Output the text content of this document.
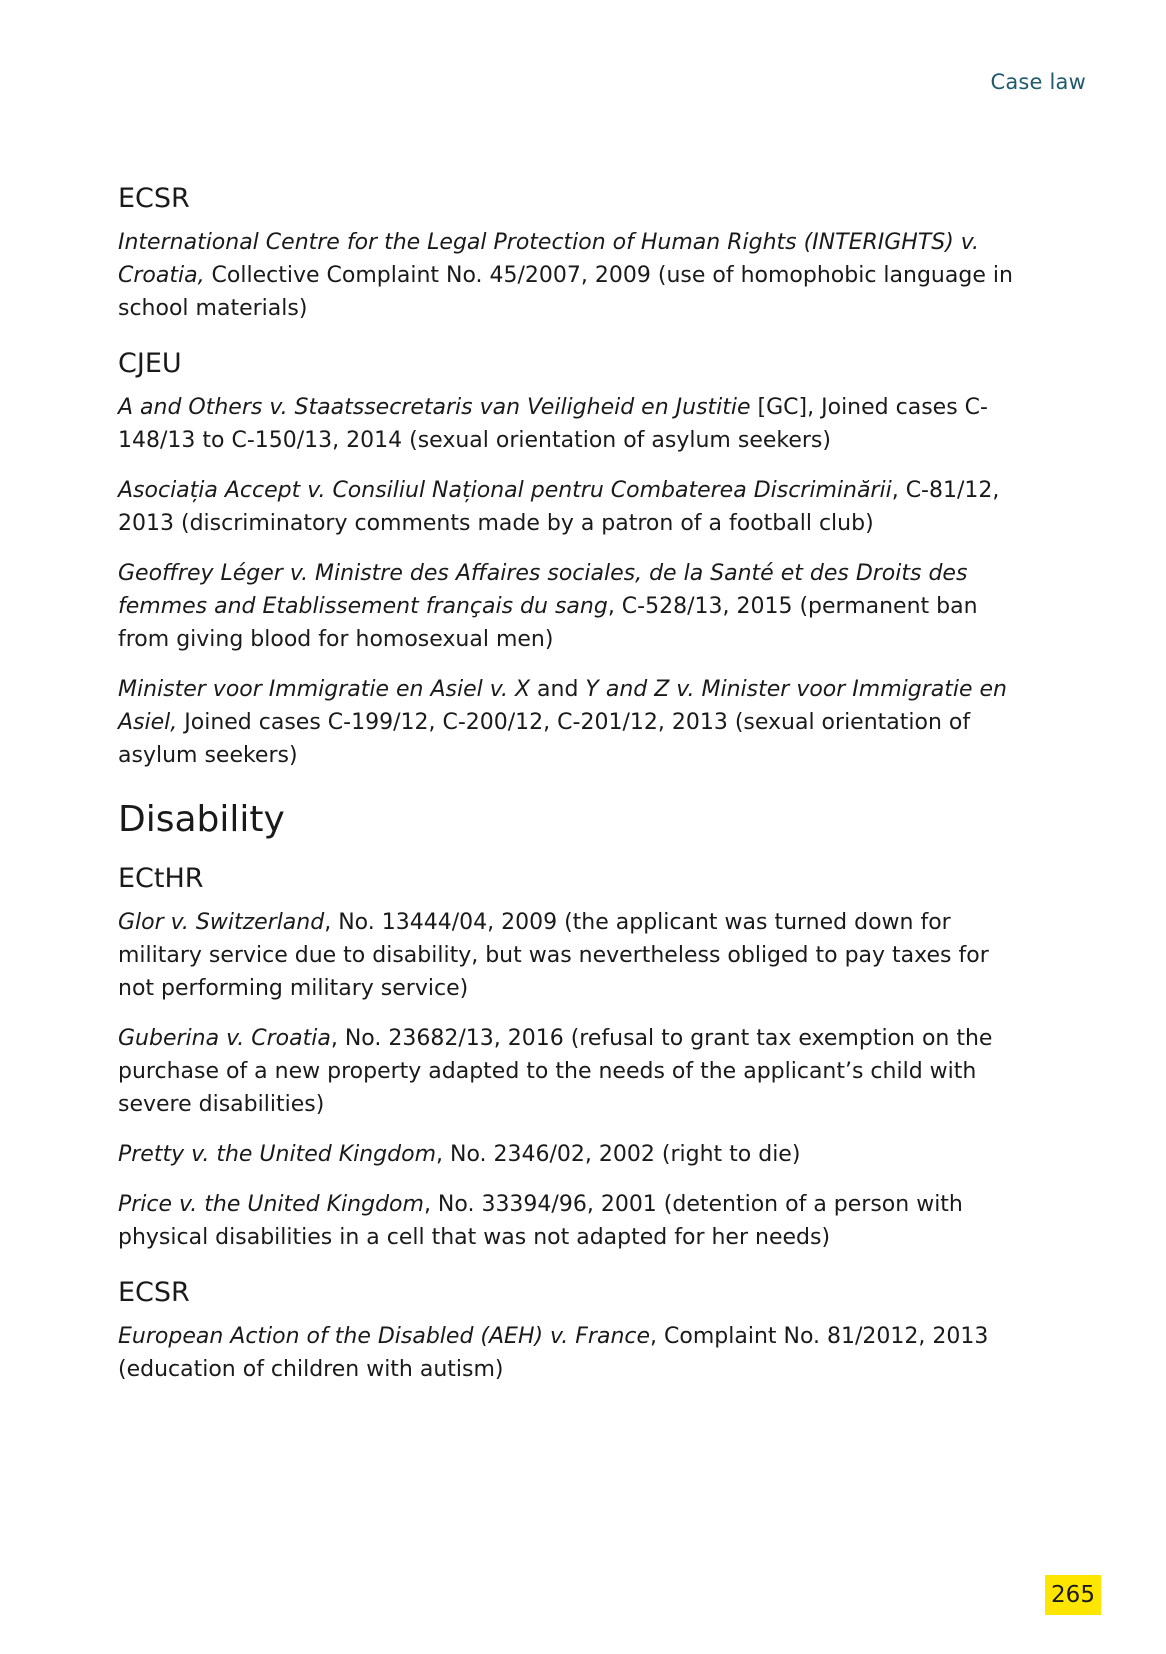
Case law
ECSR

International Centre for the Legal Protection of Human Rights (INTERIGHTS) v. Croatia, Collective Complaint No. 45/2007, 2009 (use of homophobic language in school materials)

CJEU

A and Others v. Staatssecretaris van Veiligheid en Justitie [GC], Joined cases C-148/13 to C-150/13, 2014 (sexual orientation of asylum seekers)

Asociația Accept v. Consiliul Național pentru Combaterea Discriminării, C-81/12, 2013 (discriminatory comments made by a patron of a football club)

Geoffrey Léger v. Ministre des Affaires sociales, de la Santé et des Droits des femmes and Etablissement français du sang, C-528/13, 2015 (permanent ban from giving blood for homosexual men)

Minister voor Immigratie en Asiel v. X and Y and Z v. Minister voor Immigratie en Asiel, Joined cases C-199/12, C-200/12, C-201/12, 2013 (sexual orientation of asylum seekers)

Disability
ECtHR

Glor v. Switzerland, No. 13444/04, 2009 (the applicant was turned down for military service due to disability, but was nevertheless obliged to pay taxes for not performing military service)

Guberina v. Croatia, No. 23682/13, 2016 (refusal to grant tax exemption on the purchase of a new property adapted to the needs of the applicant’s child with severe disabilities)

Pretty v. the United Kingdom, No. 2346/02, 2002 (right to die)

Price v. the United Kingdom, No. 33394/96, 2001 (detention of a person with physical disabilities in a cell that was not adapted for her needs)

ECSR

European Action of the Disabled (AEH) v. France, Complaint No. 81/2012, 2013 (education of children with autism)

265
